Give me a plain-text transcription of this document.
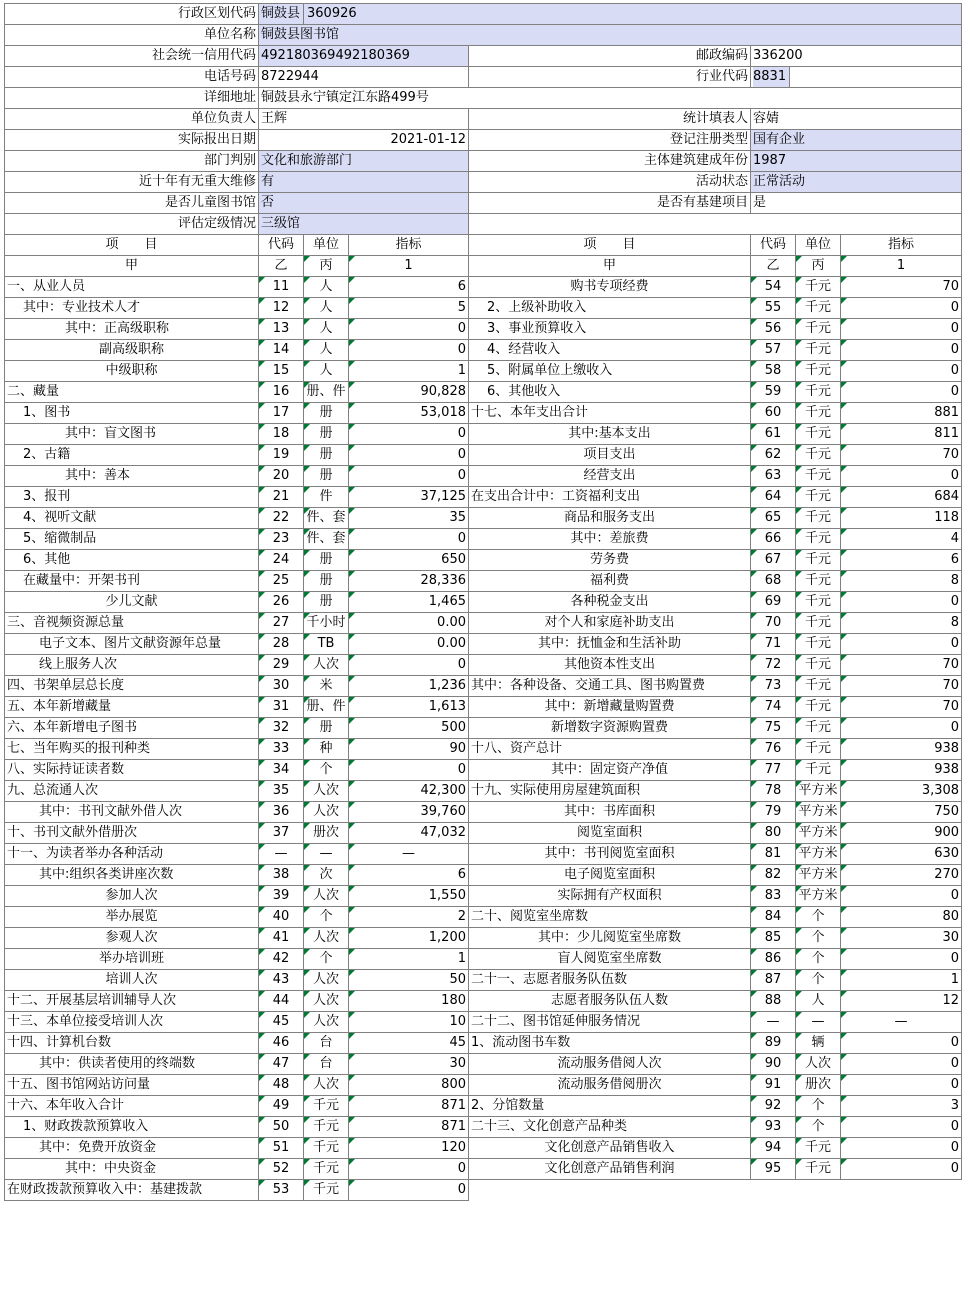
行政区划代码	铜鼓县 360926						

单位名称	铜鼓县图书馆						
社会统一信用代码	492180369492180369			邮政编码	336200		
电话号码	8722944			行业代码	8831		
详细地址	铜鼓县永宁镇定江东路499号						
单位负责人	王辉			统计填表人	容婧		
实际报出日期	2021-01-12			登记注册类型	国有企业		
部门判别	文化和旅游部门			主体建筑建成年份	1987		
近十年有无重大维修	有			活动状态	正常活动		
是否儿童图书馆	否			是否有基建项目	是		
评估定级情况	三级馆						
项　　目	代码	单位	指标	项　　目	代码	单位	指标
甲	乙	丙	1	甲	乙	丙	1
一、从业人员	11	人	6	购书专项经费	54	千元	70
其中：专业技术人才	12	人	5	2、上级补助收入	55	千元	0
其中：正高级职称	13	人	0	3、事业预算收入	56	千元	0
副高级职称	14	人	0	4、经营收入	57	千元	0
中级职称	15	人	1	5、附属单位上缴收入	58	千元	0
二、藏量	16	册、件	90,828	6、其他收入	59	千元	0
1、图书	17	册	53,018	十七、本年支出合计	60	千元	881
其中：盲文图书	18	册	0	其中:基本支出	61	千元	811
2、古籍	19	册	0	项目支出	62	千元	70
其中：善本	20	册	0	经营支出	63	千元	0
3、报刊	21	件	37,125	在支出合计中：工资福利支出	64	千元	684
4、视听文献	22	件、套	35	商品和服务支出	65	千元	118
5、缩微制品	23	件、套	0	其中：差旅费	66	千元	4
6、其他	24	册	650	劳务费	67	千元	6
在藏量中：开架书刊	25	册	28,336	福利费	68	千元	8
少儿文献	26	册	1,465	各种税金支出	69	千元	0
三、音视频资源总量	27	千小时	0.00	对个人和家庭补助支出	70	千元	8
电子文本、图片文献资源年总量	28	TB	0.00	其中：抚恤金和生活补助	71	千元	0
线上服务人次	29	人次	0	其他资本性支出	72	千元	70
四、书架单层总长度	30	米	1,236	其中：各种设备、交通工具、图书购置费	73	千元	70
五、本年新增藏量	31	册、件	1,613	其中：新增藏量购置费	74	千元	70
六、本年新增电子图书	32	册	500	新增数字资源购置费	75	千元	0
七、当年购买的报刊种类	33	种	90	十八、资产总计	76	千元	938
八、实际持证读者数	34	个	0	其中：固定资产净值	77	千元	938
九、总流通人次	35	人次	42,300	十九、实际使用房屋建筑面积	78	平方米	3,308
其中：书刊文献外借人次	36	人次	39,760	其中：书库面积	79	平方米	750
十、书刊文献外借册次	37	册次	47,032	阅览室面积	80	平方米	900
十一、为读者举办各种活动	—	—	—	其中：书刊阅览室面积	81	平方米	630
其中:组织各类讲座次数	38	次	6	电子阅览室面积	82	平方米	270
参加人次	39	人次	1,550	实际拥有产权面积	83	平方米	0
举办展览	40	个	2	二十、阅览室坐席数	84	个	80
参观人次	41	人次	1,200	其中：少儿阅览室坐席数	85	个	30
举办培训班	42	个	1	盲人阅览室坐席数	86	个	0
培训人次	43	人次	50	二十一、志愿者服务队伍数	87	个	1
十二、开展基层培训辅导人次	44	人次	180	志愿者服务队伍人数	88	人	12
十三、本单位接受培训人次	45	人次	10	二十二、图书馆延伸服务情况	—	—	—
十四、计算机台数	46	台	45	1、流动图书车数	89	辆	0
其中：供读者使用的终端数	47	台	30	流动服务借阅人次	90	人次	0
十五、图书馆网站访问量	48	人次	800	流动服务借阅册次	91	册次	0
十六、本年收入合计	49	千元	871	2、分馆数量	92	个	3
1、财政拨款预算收入	50	千元	871	二十三、文化创意产品种类	93	个	0
其中：免费开放资金	51	千元	120	文化创意产品销售收入	94	千元	0
其中：中央资金	52	千元	0	文化创意产品销售利润	95	千元	0
在财政拨款预算收入中：基建拨款	53	千元	0				
